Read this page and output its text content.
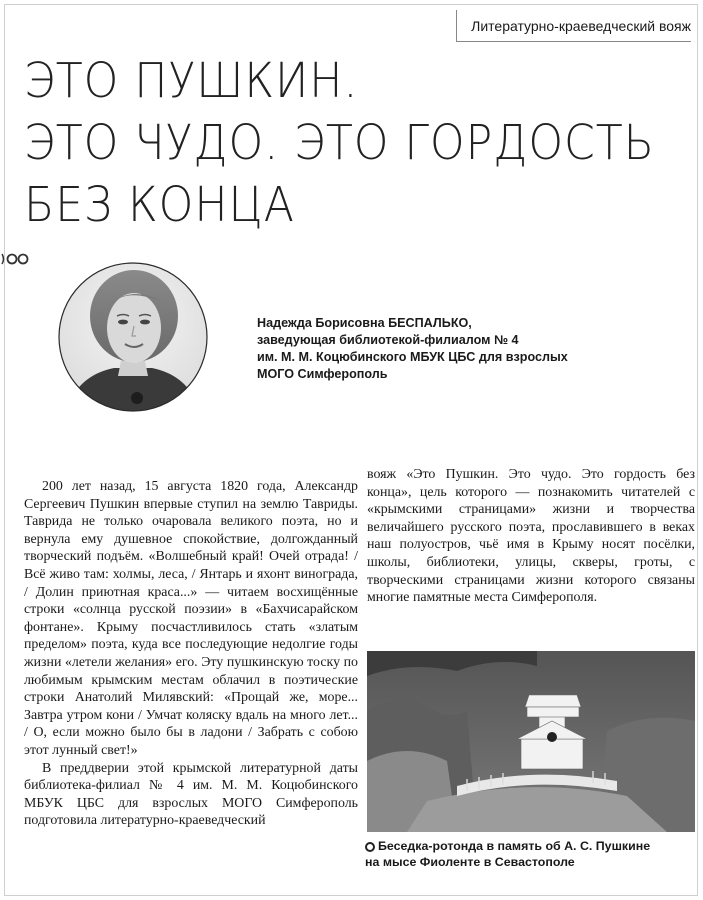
Литературно-краеведческий вояж
ЭТО ПУШКИН.
ЭТО ЧУДО. ЭТО ГОРДОСТЬ
БЕЗ КОНЦА
Надежда Борисовна БЕСПАЛЬКО,
заведующая библиотекой-филиалом № 4
им. М. М. Коцюбинского МБУК ЦБС для взрослых
МОГО Симферополь

200 лет назад, 15 августа 1820 года, Александр Сергеевич Пушкин впервые ступил на землю Тавриды. Таврида не только очаровала великого поэта, но и вернула ему душевное спокойствие, долгожданный творческий подъём. «Волшебный край! Очей отрада! / Всё живо там: холмы, леса, / Янтарь и яхонт винограда, / Долин приютная краса...» — читаем восхищённые строки «солнца русской поэзии» в «Бахчисарайском фонтане». Крыму посчастливилось стать «златым пределом» поэта, куда все последующие недолгие годы жизни «летели желания» его. Эту пушкинскую тоску по любимым крымским местам облачил в поэтические строки Анатолий Милявский: «Прощай же, море... Завтра утром кони / Умчат коляску вдаль на много лет... / О, если можно было бы в ладони / Забрать с собою этот лунный свет!»

В преддверии этой крымской литературной даты библиотека-филиал № 4 им. М. М. Коцюбинского МБУК ЦБС для взрослых МОГО Симферополь подготовила литературно-краеведческий

вояж «Это Пушкин. Это чудо. Это гордость без конца», цель которого — познакомить читателей с «крымскими страницами» жизни и творчества величайшего русского поэта, прославившего в веках наш полуостров, чьё имя в Крыму носят посёлки, школы, библиотеки, улицы, скверы, гроты, с творческими страницами жизни которого связаны многие памятные места Симферополя.

Беседка-ротонда в память об А. С. Пушкине
на мысе Фиоленте в Севастополе
